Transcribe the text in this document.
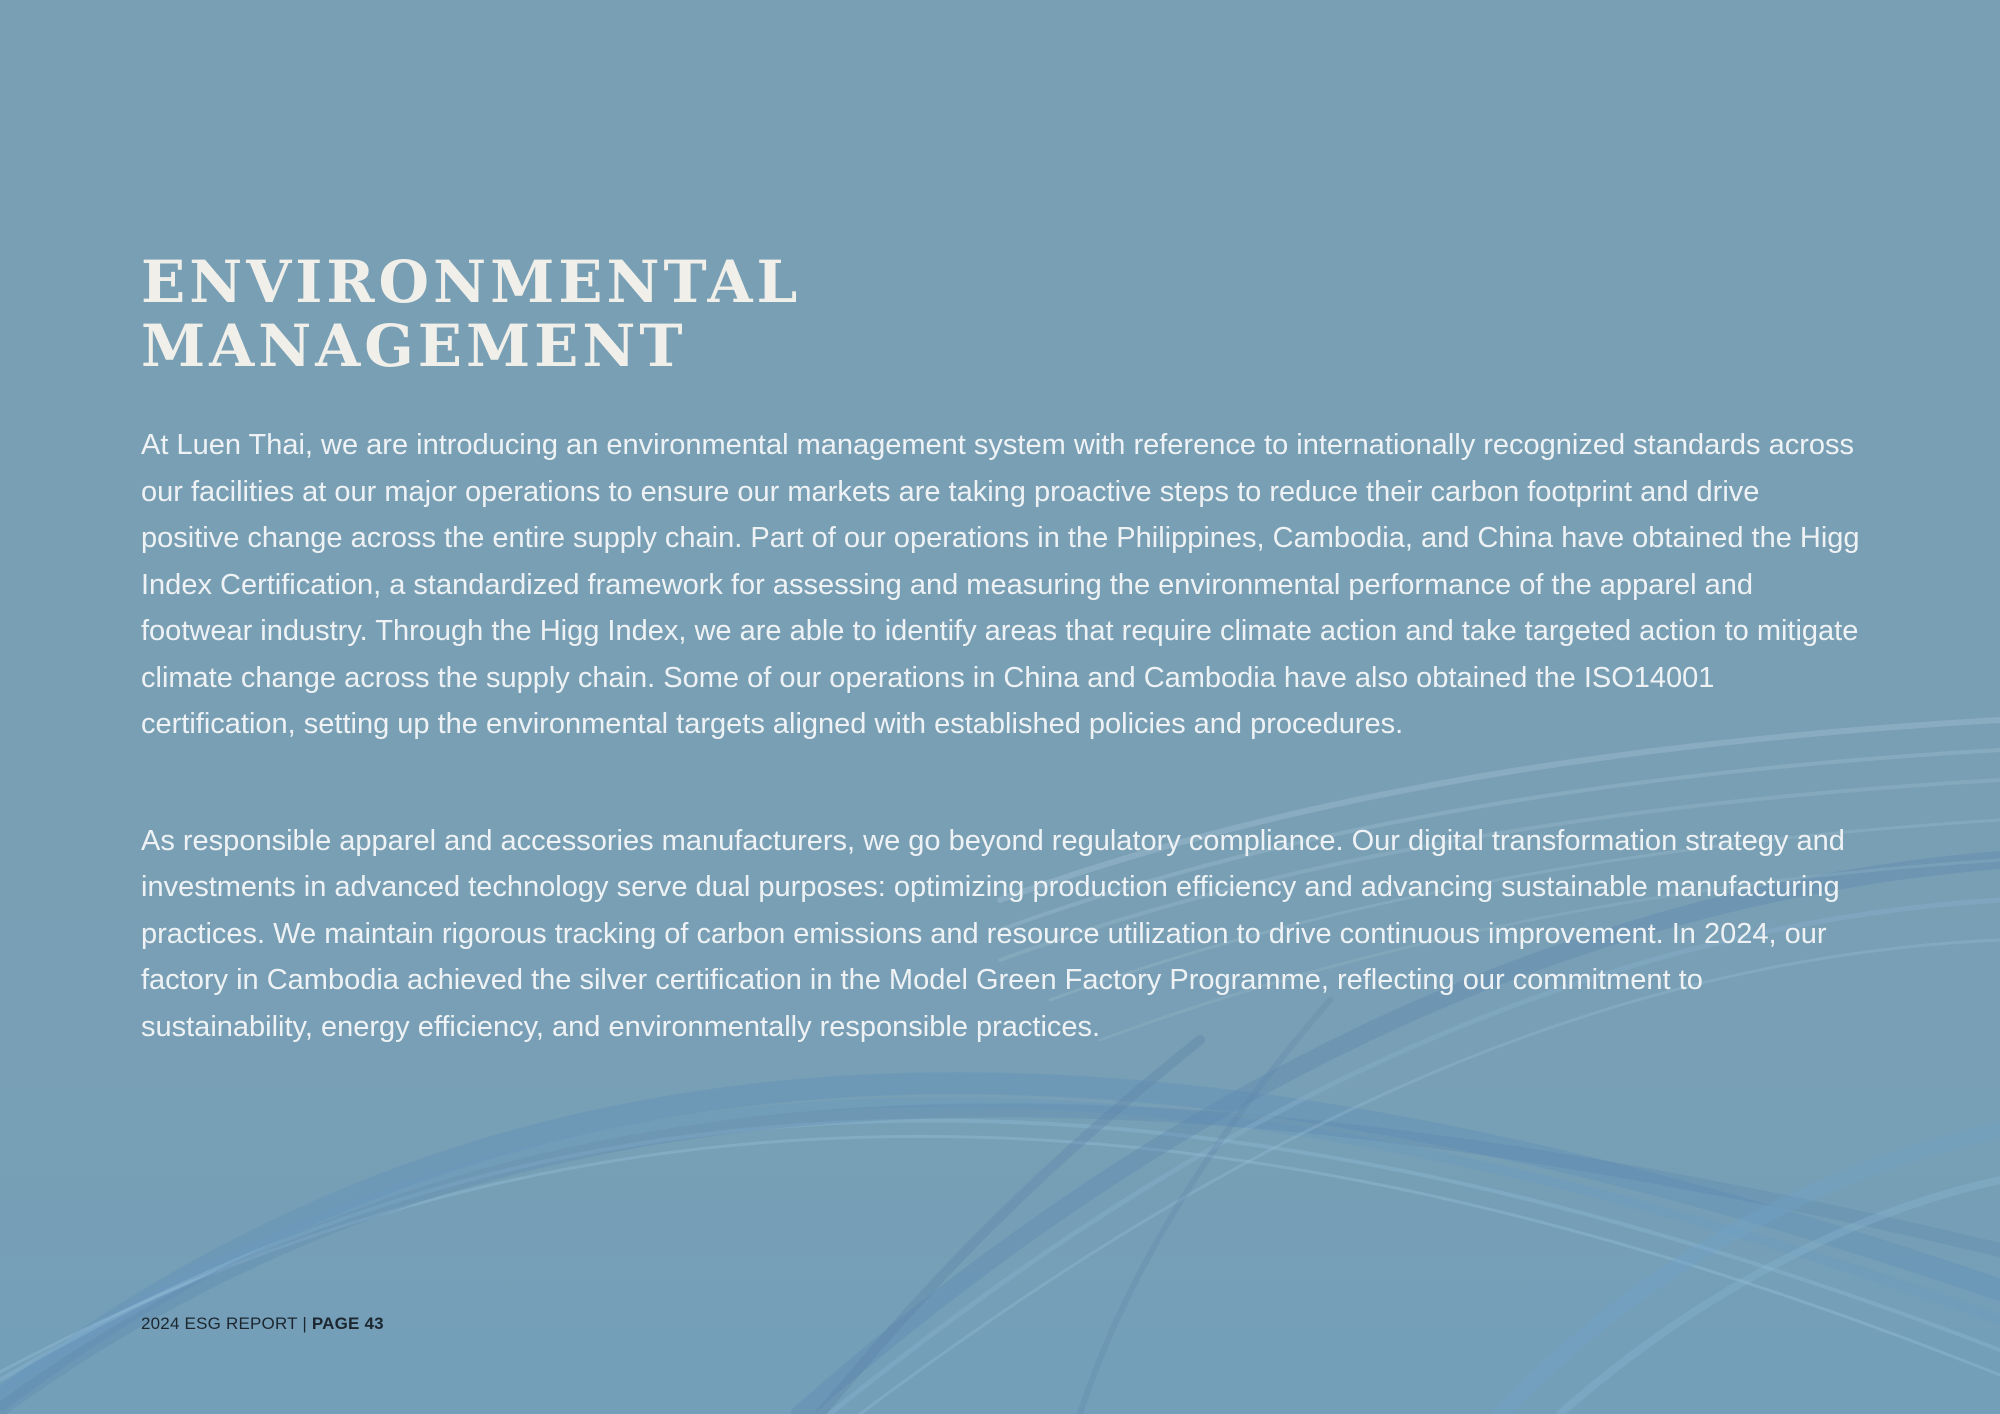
ENVIRONMENTAL
MANAGEMENT

At Luen Thai, we are introducing an environmental management system with reference to internationally recognized standards across our facilities at our major operations to ensure our markets are taking proactive steps to reduce their carbon footprint and drive positive change across the entire supply chain. Part of our operations in the Philippines, Cambodia, and China have obtained the Higg Index Certification, a standardized framework for assessing and measuring the environmental performance of the apparel and footwear industry. Through the Higg Index, we are able to identify areas that require climate action and take targeted action to mitigate climate change across the supply chain. Some of our operations in China and Cambodia have also obtained the ISO14001 certification, setting up the environmental targets aligned with established policies and procedures.

As responsible apparel and accessories manufacturers, we go beyond regulatory compliance. Our digital transformation strategy and investments in advanced technology serve dual purposes: optimizing production efficiency and advancing sustainable manufacturing practices. We maintain rigorous tracking of carbon emissions and resource utilization to drive continuous improvement. In 2024, our factory in Cambodia achieved the silver certification in the Model Green Factory Programme, reflecting our commitment to sustainability, energy efficiency, and environmentally responsible practices.

2024 ESG REPORT | PAGE 43
